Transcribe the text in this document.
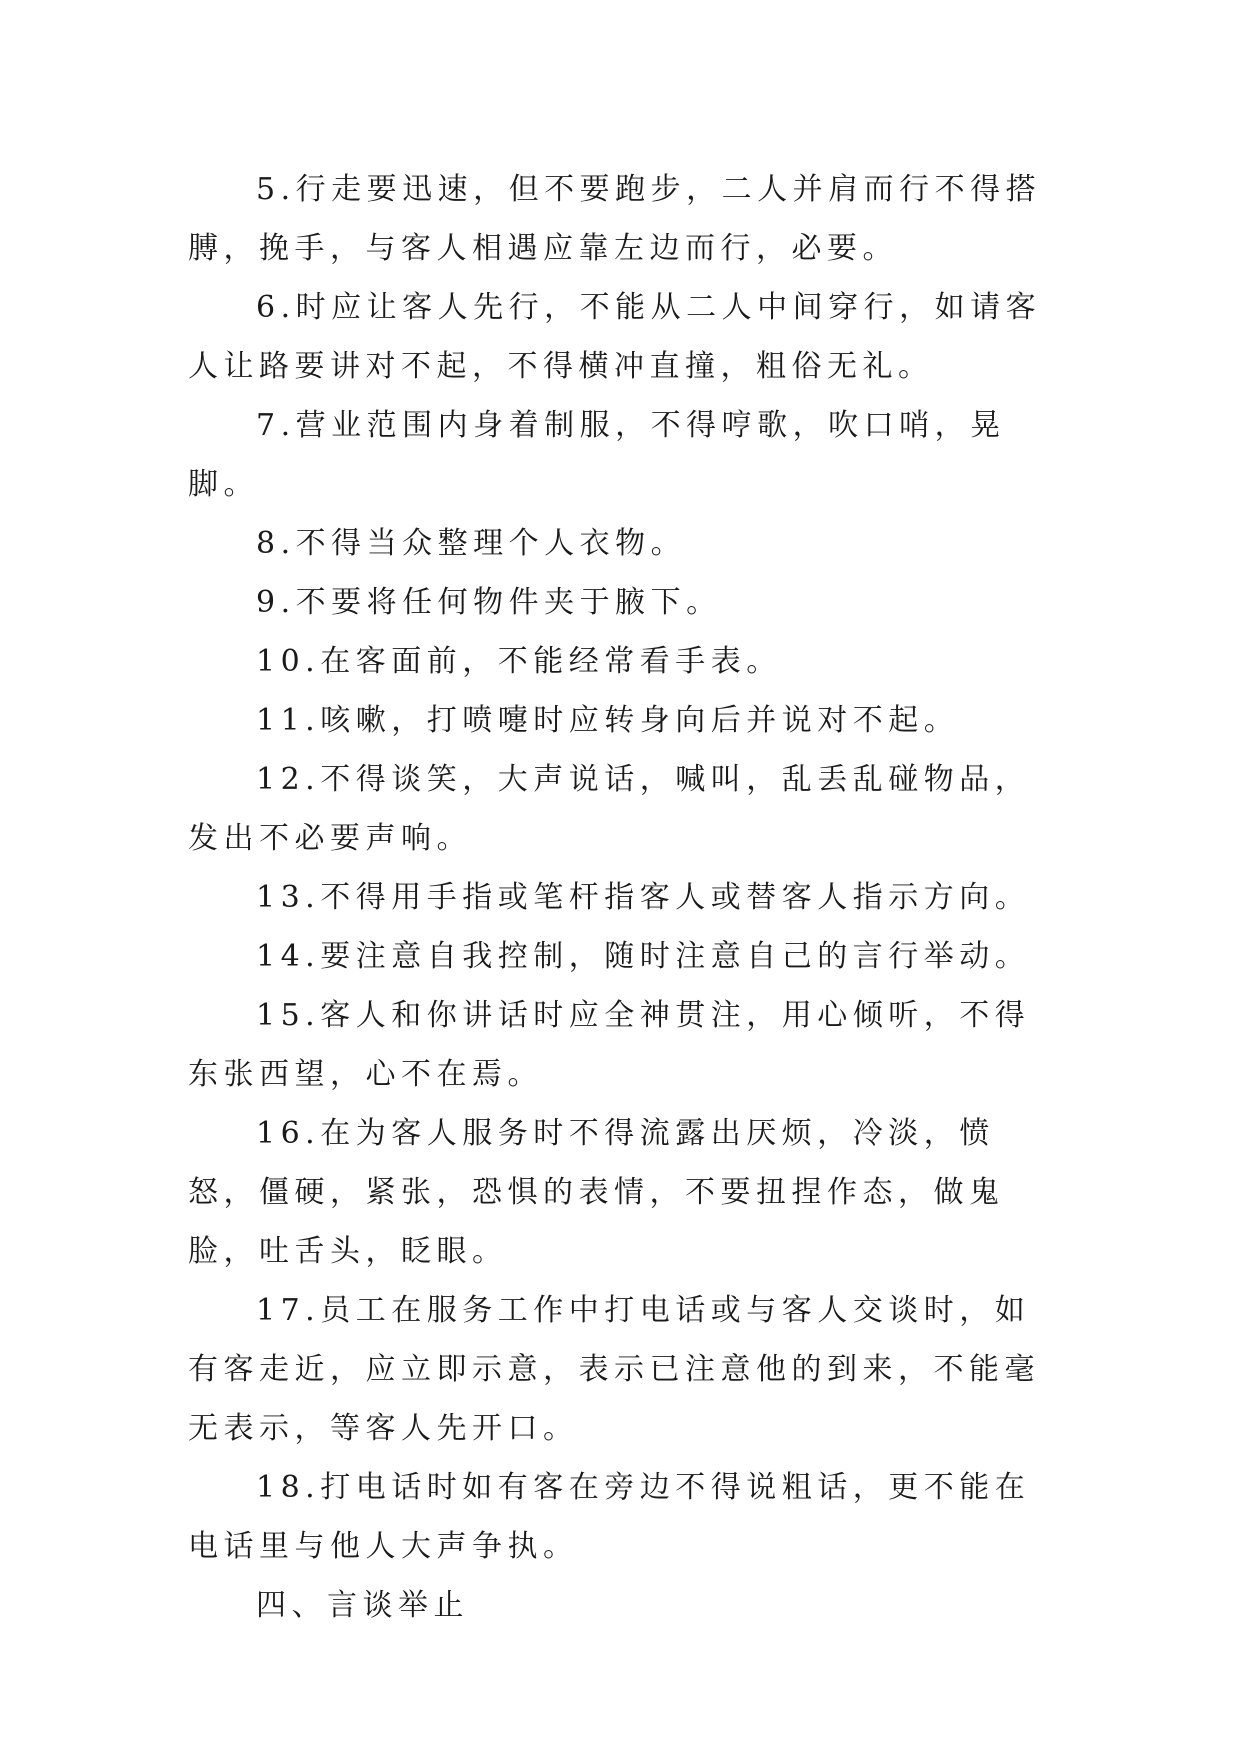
5.行走要迅速，但不要跑步，二人并肩而行不得搭膊，挽手，与客人相遇应靠左边而行，必要。

6.时应让客人先行，不能从二人中间穿行，如请客人让路要讲对不起，不得横冲直撞，粗俗无礼。

7.营业范围内身着制服，不得哼歌，吹口哨，晃脚。

8.不得当众整理个人衣物。

9.不要将任何物件夹于腋下。

10.在客面前，不能经常看手表。

11.咳嗽，打喷嚏时应转身向后并说对不起。

12.不得谈笑，大声说话，喊叫，乱丢乱碰物品，发出不必要声响。

13.不得用手指或笔杆指客人或替客人指示方向。

14.要注意自我控制，随时注意自己的言行举动。

15.客人和你讲话时应全神贯注，用心倾听，不得东张西望，心不在焉。

16.在为客人服务时不得流露出厌烦，冷淡，愤怒，僵硬，紧张，恐惧的表情，不要扭捏作态，做鬼脸，吐舌头，眨眼。

17.员工在服务工作中打电话或与客人交谈时，如有客走近，应立即示意，表示已注意他的到来，不能毫无表示，等客人先开口。

18.打电话时如有客在旁边不得说粗话，更不能在电话里与他人大声争执。

四、言谈举止
